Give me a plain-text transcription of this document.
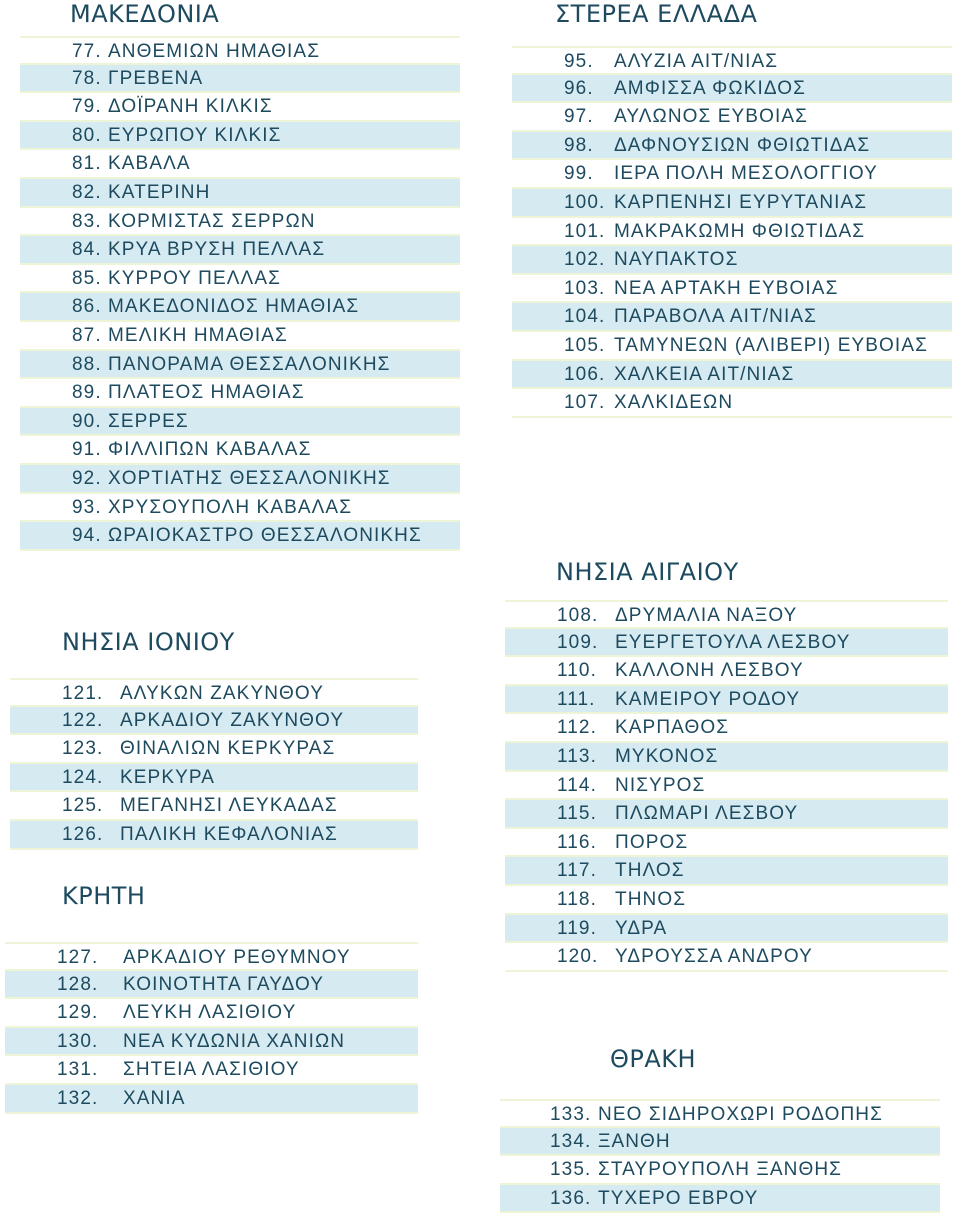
ΜΑΚΕΔΟΝΙΑ
77. ΑΝΘΕΜΙΩΝ ΗΜΑΘΙΑΣ
78. ΓΡΕΒΕΝΑ
79. ΔΟΪΡΑΝΗ ΚΙΛΚΙΣ
80. ΕΥΡΩΠΟΥ ΚΙΛΚΙΣ
81. ΚΑΒΑΛΑ
82. ΚΑΤΕΡΙΝΗ
83. ΚΟΡΜΙΣΤΑΣ ΣΕΡΡΩΝ
84. ΚΡΥΑ ΒΡΥΣΗ ΠΕΛΛΑΣ
85. ΚΥΡΡΟΥ ΠΕΛΛΑΣ
86. ΜΑΚΕΔΟΝΙΔΟΣ ΗΜΑΘΙΑΣ
87. ΜΕΛΙΚΗ ΗΜΑΘΙΑΣ
88. ΠΑΝΟΡΑΜΑ ΘΕΣΣΑΛΟΝΙΚΗΣ
89. ΠΛΑΤΕΟΣ ΗΜΑΘΙΑΣ
90. ΣΕΡΡΕΣ
91. ΦΙΛΛΙΠΩΝ ΚΑΒΑΛΑΣ
92. ΧΟΡΤΙΑΤΗΣ ΘΕΣΣΑΛΟΝΙΚΗΣ
93. ΧΡΥΣΟΥΠΟΛΗ ΚΑΒΑΛΑΣ
94. ΩΡΑΙΟΚΑΣΤΡΟ ΘΕΣΣΑΛΟΝΙΚΗΣ
ΣΤΕΡΕΑ ΕΛΛΑΔΑ
95. ΑΛΥΖΙΑ ΑΙΤ/ΝΙΑΣ
96. ΑΜΦΙΣΣΑ ΦΩΚΙΔΟΣ
97. ΑΥΛΩΝΟΣ ΕΥΒΟΙΑΣ
98. ΔΑΦΝΟΥΣΙΩΝ ΦΘΙΩΤΙΔΑΣ
99. ΙΕΡΑ ΠΟΛΗ ΜΕΣΟΛΟΓΓΙΟΥ
100. ΚΑΡΠΕΝΗΣΙ ΕΥΡΥΤΑΝΙΑΣ
101. ΜΑΚΡΑΚΩΜΗ ΦΘΙΩΤΙΔΑΣ
102. ΝΑΥΠΑΚΤΟΣ
103. ΝΕΑ ΑΡΤΑΚΗ ΕΥΒΟΙΑΣ
104. ΠΑΡΑΒΟΛΑ ΑΙΤ/ΝΙΑΣ
105. ΤΑΜΥΝΕΩΝ (ΑΛΙΒΕΡΙ) ΕΥΒΟΙΑΣ
106. ΧΑΛΚΕΙΑ ΑΙΤ/ΝΙΑΣ
107. ΧΑΛΚΙΔΕΩΝ
ΝΗΣΙΑ ΙΟΝΙΟΥ
121. ΑΛΥΚΩΝ ΖΑΚΥΝΘΟΥ
122. ΑΡΚΑΔΙΟΥ ΖΑΚΥΝΘΟΥ
123. ΘΙΝΑΛΙΩΝ ΚΕΡΚΥΡΑΣ
124. ΚΕΡΚΥΡΑ
125. ΜΕΓΑΝΗΣΙ ΛΕΥΚΑΔΑΣ
126. ΠΑΛΙΚΗ ΚΕΦΑΛΟΝΙΑΣ
ΚΡΗΤΗ
127. ΑΡΚΑΔΙΟΥ ΡΕΘΥΜΝΟΥ
128. ΚΟΙΝΟΤΗΤΑ ΓΑΥΔΟΥ
129. ΛΕΥΚΗ ΛΑΣΙΘΙΟΥ
130. ΝΕΑ ΚΥΔΩΝΙΑ ΧΑΝΙΩΝ
131. ΣΗΤΕΙΑ ΛΑΣΙΘΙΟΥ
132. ΧΑΝΙΑ
ΝΗΣΙΑ ΑΙΓΑΙΟΥ
108. ΔΡΥΜΑΛΙΑ ΝΑΞΟΥ
109. ΕΥΕΡΓΕΤΟΥΛΑ ΛΕΣΒΟΥ
110. ΚΑΛΛΟΝΗ ΛΕΣΒΟΥ
111. ΚΑΜΕΙΡΟΥ ΡΟΔΟΥ
112. ΚΑΡΠΑΘΟΣ
113. ΜΥΚΟΝΟΣ
114. ΝΙΣΥΡΟΣ
115. ΠΛΩΜΑΡΙ ΛΕΣΒΟΥ
116. ΠΟΡΟΣ
117. ΤΗΛΟΣ
118. ΤΗΝΟΣ
119. ΥΔΡΑ
120. ΥΔΡΟΥΣΣΑ ΑΝΔΡΟΥ
ΘΡΑΚΗ
133. ΝΕΟ ΣΙΔΗΡΟΧΩΡΙ ΡΟΔΟΠΗΣ
134. ΞΑΝΘΗ
135. ΣΤΑΥΡΟΥΠΟΛΗ ΞΑΝΘΗΣ
136. ΤΥΧΕΡΟ ΕΒΡΟΥ
